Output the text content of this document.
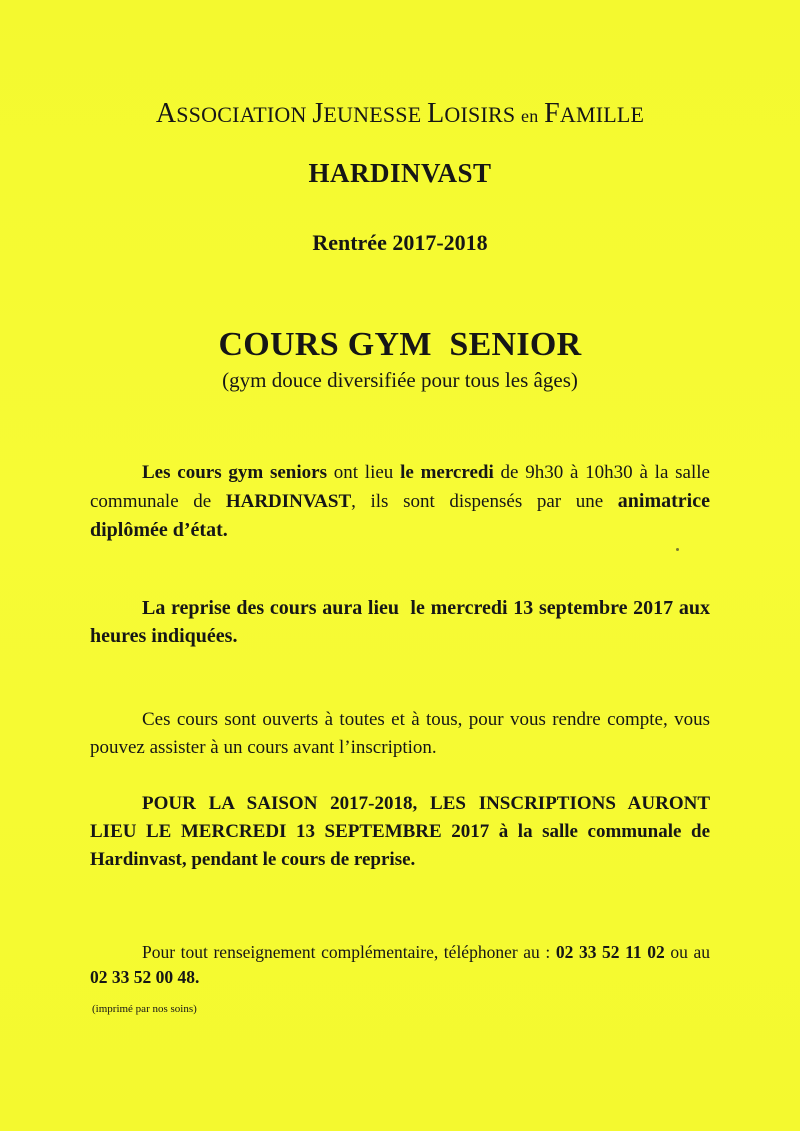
ASSOCIATION JEUNESSE LOISIRS en FAMILLE
HARDINVAST
Rentrée 2017-2018
COURS GYM  SENIOR
(gym douce diversifiée pour tous les âges)
Les cours gym seniors ont lieu le mercredi de 9h30 à 10h30 à la salle communale de HARDINVAST, ils sont dispensés par une animatrice diplômée d’état.
La reprise des cours aura lieu  le mercredi 13 septembre 2017 aux heures indiquées.
Ces cours sont ouverts à toutes et à tous, pour vous rendre compte, vous pouvez assister à un cours avant l’inscription.
POUR LA SAISON 2017-2018, LES INSCRIPTIONS AURONT LIEU LE MERCREDI 13 SEPTEMBRE 2017 à la salle communale de Hardinvast, pendant le cours de reprise.
Pour tout renseignement complémentaire, téléphoner au : 02 33 52 11 02 ou au 02 33 52 00 48.
(imprimé par nos soins)
